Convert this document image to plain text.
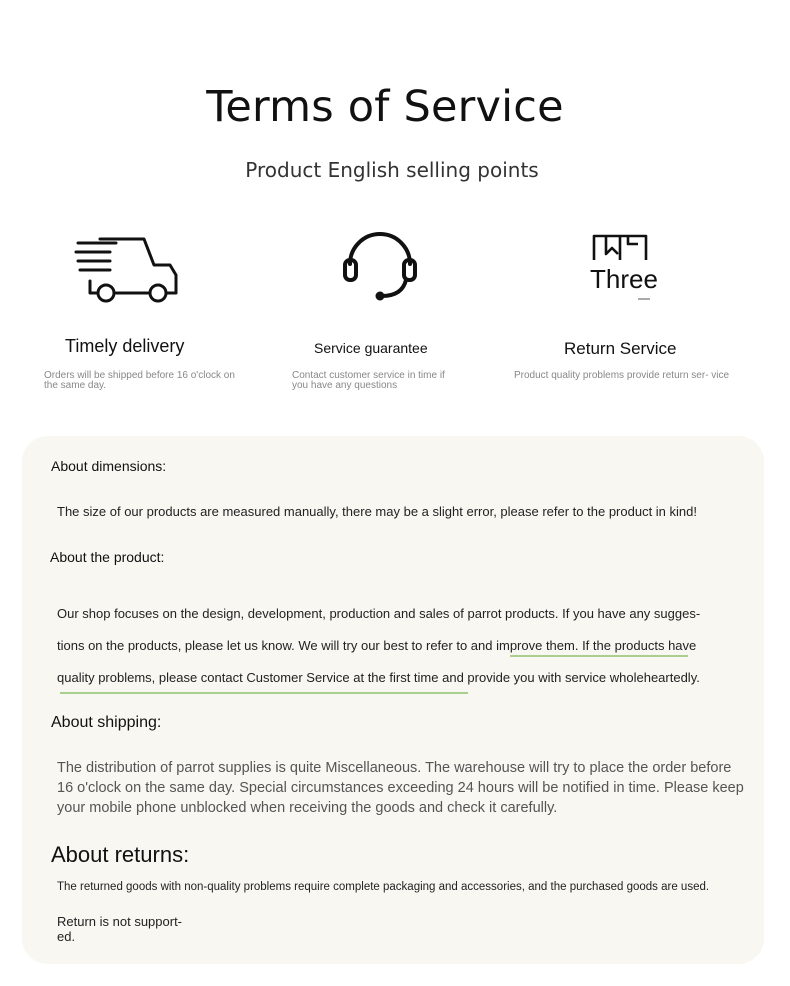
Terms of Service
Product English selling points
Timely delivery
Orders will be shipped before 16 o'clock on the same day.
Service guarantee
Contact customer service in time if you have any questions
Three
Return Service
Product quality problems provide return ser- vice
About dimensions:
The size of our products are measured manually, there may be a slight error, please refer to the product in kind!
About the product:
Our shop focuses on the design, development, production and sales of parrot products. If you have any sugges- tions on the products, please let us know. We will try our best to refer to and improve them. If the products have quality problems, please contact Customer Service at the first time and provide you with service wholeheartedly.
About shipping:
The distribution of parrot supplies is quite Miscellaneous. The warehouse will try to place the order before 16 o'clock on the same day. Special circumstances exceeding 24 hours will be notified in time. Please keep your mobile phone unblocked when receiving the goods and check it carefully.
About returns:
The returned goods with non-quality problems require complete packaging and accessories, and the purchased goods are used.
Return is not support- ed.
